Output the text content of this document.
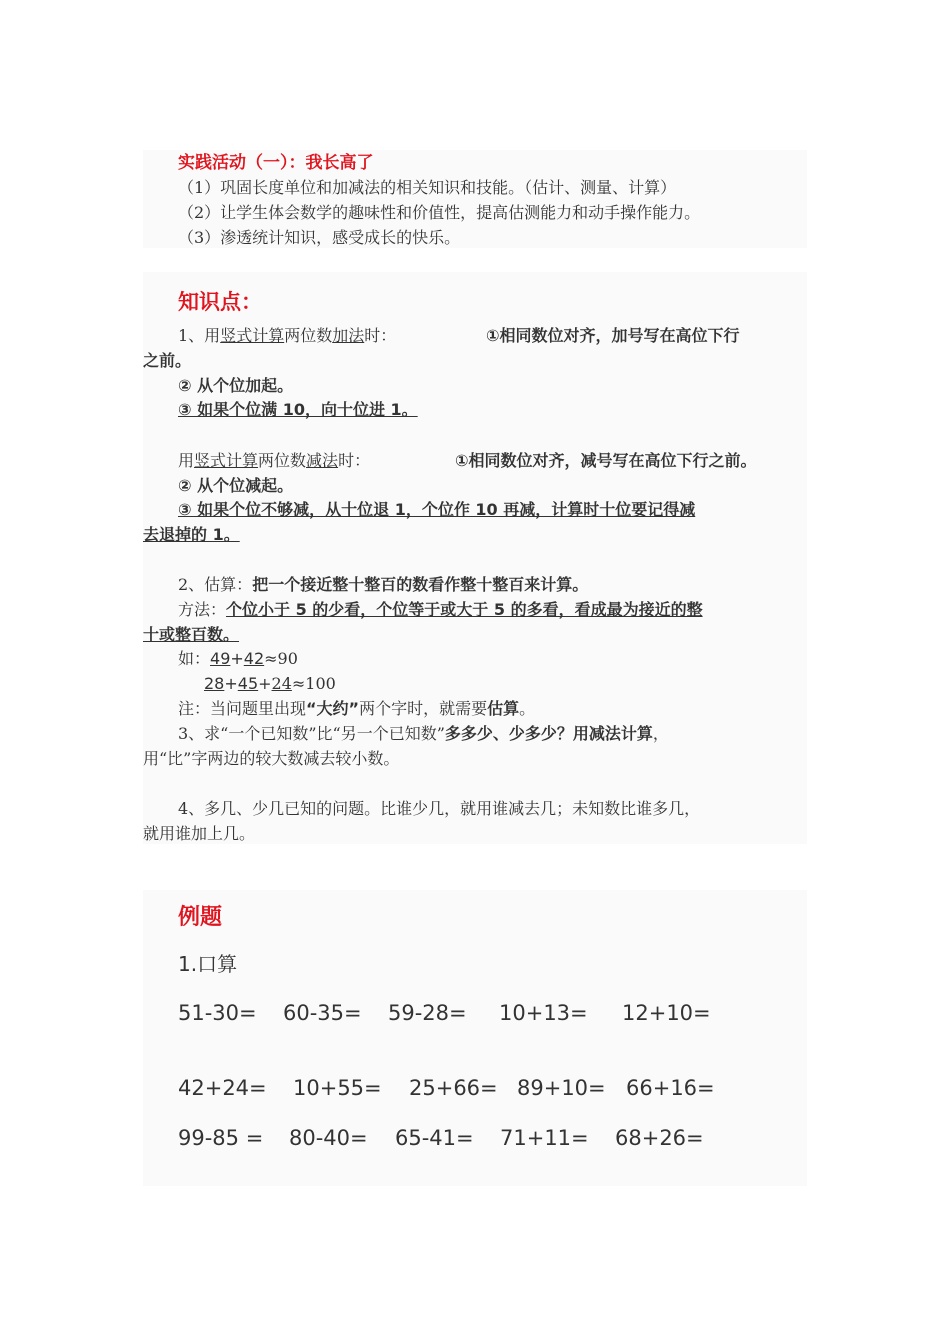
实践活动（一）：我长高了
（1）巩固长度单位和加减法的相关知识和技能。（估计、测量、计算）
（2）让学生体会数学的趣味性和价值性，提高估测能力和动手操作能力。
（3）渗透统计知识，感受成长的快乐。
知识点：
1、用竖式计算两位数加法时：	①相同数位对齐，加号写在高位下行
之前。
② 从个位加起。
③ 如果个位满 10，向十位进 1。
用竖式计算两位数减法时：	①相同数位对齐，减号写在高位下行之前。
② 从个位减起。
③ 如果个位不够减，从十位退 1，个位作 10 再减，计算时十位要记得减
去退掉的 1。
2、估算：把一个接近整十整百的数看作整十整百来计算。
方法：个位小于 5 的少看，个位等于或大于 5 的多看，看成最为接近的整
十或整百数。
如：49+42≈90
28+45+24≈100
注：当问题里出现“大约”两个字时，就需要估算。
3、求“一个已知数”比“另一个已知数”多多少、少多少？用减法计算，
用“比”字两边的较大数减去较小数。
4、多几、少几已知的问题。比谁少几，就用谁减去几；未知数比谁多几，
就用谁加上几。
例题
1.口算
51-30= 60-35= 59-28= 10+13= 12+10=
42+24= 10+55= 25+66= 89+10= 66+16=
99-85 = 80-40= 65-41= 71+11= 68+26=
